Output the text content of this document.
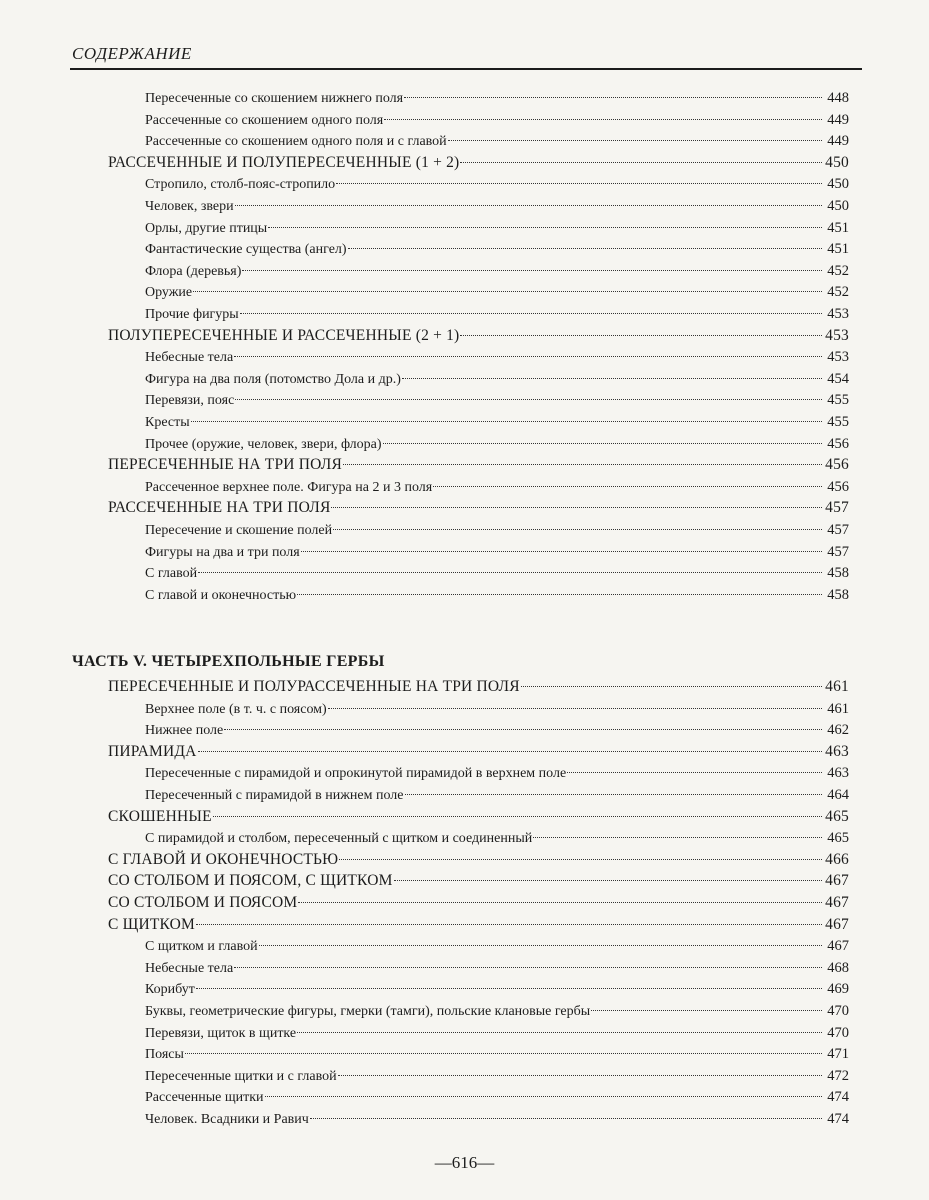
СОДЕРЖАНИЕ
Пересеченные со скошением нижнего поля	448
Рассеченные со скошением одного поля	449
Рассеченные со скошением одного поля и с главой	449
РАССЕЧЕННЫЕ И ПОЛУПЕРЕСЕЧЕННЫЕ (1 + 2)	450
Стропило, столб-пояс-стропило	450
Человек, звери	450
Орлы, другие птицы	451
Фантастические существа (ангел)	451
Флора (деревья)	452
Оружие	452
Прочие фигуры	453
ПОЛУПЕРЕСЕЧЕННЫЕ И РАССЕЧЕННЫЕ (2 + 1)	453
Небесные тела	453
Фигура на два поля (потомство Дола и др.)	454
Перевязи, пояс	455
Кресты	455
Прочее (оружие, человек, звери, флора)	456
ПЕРЕСЕЧЕННЫЕ НА ТРИ ПОЛЯ	456
Рассеченное верхнее поле. Фигура на 2 и 3 поля	456
РАССЕЧЕННЫЕ НА ТРИ ПОЛЯ	457
Пересечение и скошение полей	457
Фигуры на два и три поля	457
С главой	458
С главой и оконечностью	458
ЧАСТЬ V. ЧЕТЫРЕХПОЛЬНЫЕ ГЕРБЫ
ПЕРЕСЕЧЕННЫЕ И ПОЛУРАССЕЧЕННЫЕ НА ТРИ ПОЛЯ	461
Верхнее поле (в т. ч. с поясом)	461
Нижнее поле	462
ПИРАМИДА	463
Пересеченные с пирамидой и опрокинутой пирамидой в верхнем поле	463
Пересеченный с пирамидой в нижнем поле	464
СКОШЕННЫЕ	465
С пирамидой и столбом, пересеченный с щитком и соединенный	465
С ГЛАВОЙ И ОКОНЕЧНОСТЬЮ	466
СО СТОЛБОМ И ПОЯСОМ, С ЩИТКОМ	467
СО СТОЛБОМ И ПОЯСОМ	467
С ЩИТКОМ	467
С щитком и главой	467
Небесные тела	468
Корибут	469
Буквы, геометрические фигуры, гмерки (тамги), польские клановые гербы	470
Перевязи, щиток в щитке	470
Поясы	471
Пересеченные щитки и с главой	472
Рассеченные щитки	474
Человек. Всадники и Равич	474
—616—
